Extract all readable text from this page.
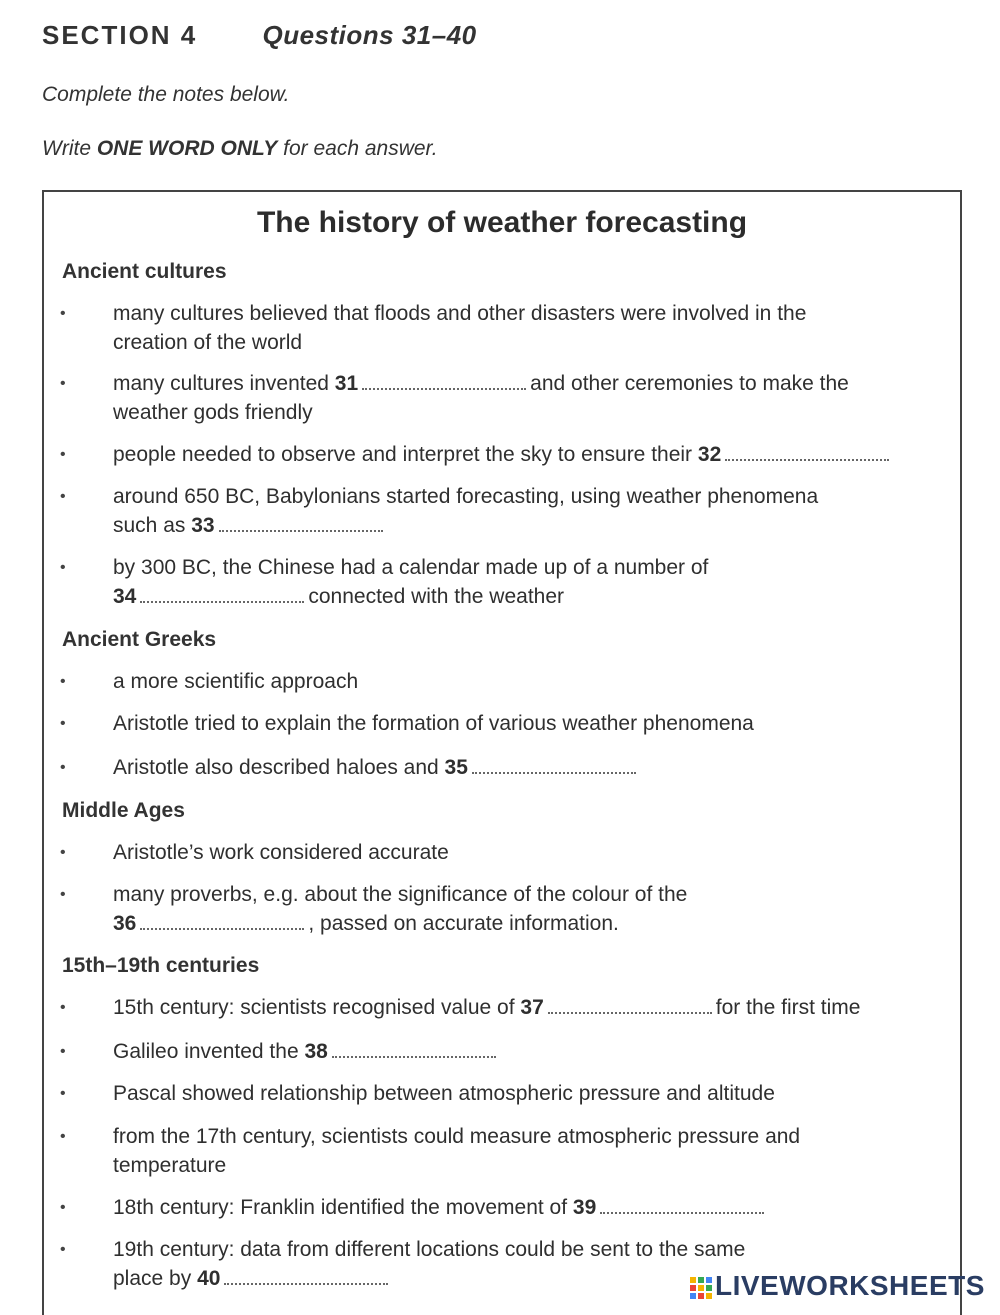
SECTION 4	Questions 31–40
Complete the notes below.
Write ONE WORD ONLY for each answer.
The history of weather forecasting
Ancient cultures
• many cultures believed that floods and other disasters were involved in the
creation of the world
• many cultures invented 31	and other ceremonies to make the
weather gods friendly
• people needed to observe and interpret the sky to ensure their 32
• around 650 BC, Babylonians started forecasting, using weather phenomena
such as 33
• by 300 BC, the Chinese had a calendar made up of a number of
34	connected with the weather
Ancient Greeks
• a more scientific approach
• Aristotle tried to explain the formation of various weather phenomena
• Aristotle also described haloes and 35
Middle Ages
• Aristotle’s work considered accurate
• many proverbs, e.g. about the significance of the colour of the
36	, passed on accurate information.
15th–19th centuries
• 15th century: scientists recognised value of 37	for the first time
• Galileo invented the 38
• Pascal showed relationship between atmospheric pressure and altitude
• from the 17th century, scientists could measure atmospheric pressure and
temperature
• 18th century: Franklin identified the movement of 39
• 19th century: data from different locations could be sent to the same
place by 40	LIVEWORKSHEETS
